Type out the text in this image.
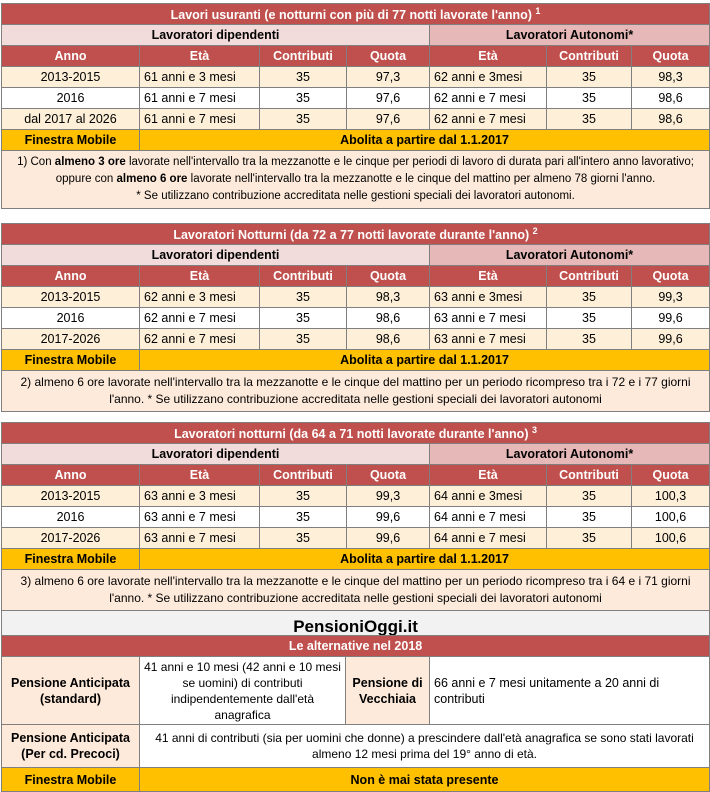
Lavori usuranti (e notturni con più di 77 notti lavorate l'anno) $^1$
Lavoratori dipendenti				Lavoratori Autonomi*		
Anno	Età	Contributi	Quota	Età	Contributi	Quota
2013-2015	61 anni e 3 mesi	35	97,3	62 anni e 3mesi	35	98,3
2016	61 anni e 7 mesi	35	97,6	62 anni e 7 mesi	35	98,6
dal 2017 al 2026	61 anni e 7 mesi	35	97,6	62 anni e 7 mesi	35	98,6
Finestra Mobile	Abolita a partire dal 1.1.2017					
1) Con almeno 3 ore lavorate nell'intervallo tra la mezzanotte e le cinque per periodi di lavoro di durata pari all'intero anno lavorativo; oppure con almeno 6 ore lavorate nell'intervallo tra la mezzanotte e le cinque del mattino per almeno 78 giorni l'anno.
* Se utilizzano contribuzione accreditata nelle gestioni speciali dei lavoratori autonomi.						
Lavoratori Notturni (da 72 a 77 notti lavorate durante l'anno) $^2$
Lavoratori dipendenti				Lavoratori Autonomi*		
Anno	Età	Contributi	Quota	Età	Contributi	Quota
2013-2015	62 anni e 3 mesi	35	98,3	63 anni e 3mesi	35	99,3
2016	62 anni e 7 mesi	35	98,6	63 anni e 7 mesi	35	99,6
2017-2026	62 anni e 7 mesi	35	98,6	63 anni e 7 mesi	35	99,6
Finestra Mobile	Abolita a partire dal 1.1.2017					
2) almeno 6 ore lavorate nell'intervallo tra la mezzanotte e le cinque del mattino per un periodo ricompreso tra i 72 e i 77 giorni l'anno. * Se utilizzano contribuzione accreditata nelle gestioni speciali dei lavoratori autonomi						
Lavoratori notturni (da 64 a 71 notti lavorate durante l'anno) $^3$
Lavoratori dipendenti				Lavoratori Autonomi*		
Anno	Età	Contributi	Quota	Età	Contributi	Quota
2013-2015	63 anni e 3 mesi	35	99,3	64 anni e 3mesi	35	100,3
2016	63 anni e 7 mesi	35	99,6	64 anni e 7 mesi	35	100,6
2017-2026	63 anni e 7 mesi	35	99,6	64 anni e 7 mesi	35	100,6
Finestra Mobile	Abolita a partire dal 1.1.2017					
3) almeno 6 ore lavorate nell'intervallo tra la mezzanotte e le cinque del mattino per un periodo ricompreso tra i 64 e i 71 giorni l'anno. * Se utilizzano contribuzione accreditata nelle gestioni speciali dei lavoratori autonomi						
PensioniOggi.it						
Le alternative nel 2018			
Pensione Anticipata (standard)	41 anni e 10 mesi (42 anni e 10 mesi se uomini) di contributi indipendentemente dall'età anagrafica	Pensione di Vecchiaia	66 anni e 7 mesi unitamente a 20 anni di contributi
Pensione Anticipata (Per cd. Precoci)	41 anni di contributi (sia per uomini che donne) a prescindere dall'età anagrafica se sono stati lavorati almeno 12 mesi prima del 19° anno di età.		
Finestra Mobile	Non è mai stata presente		
